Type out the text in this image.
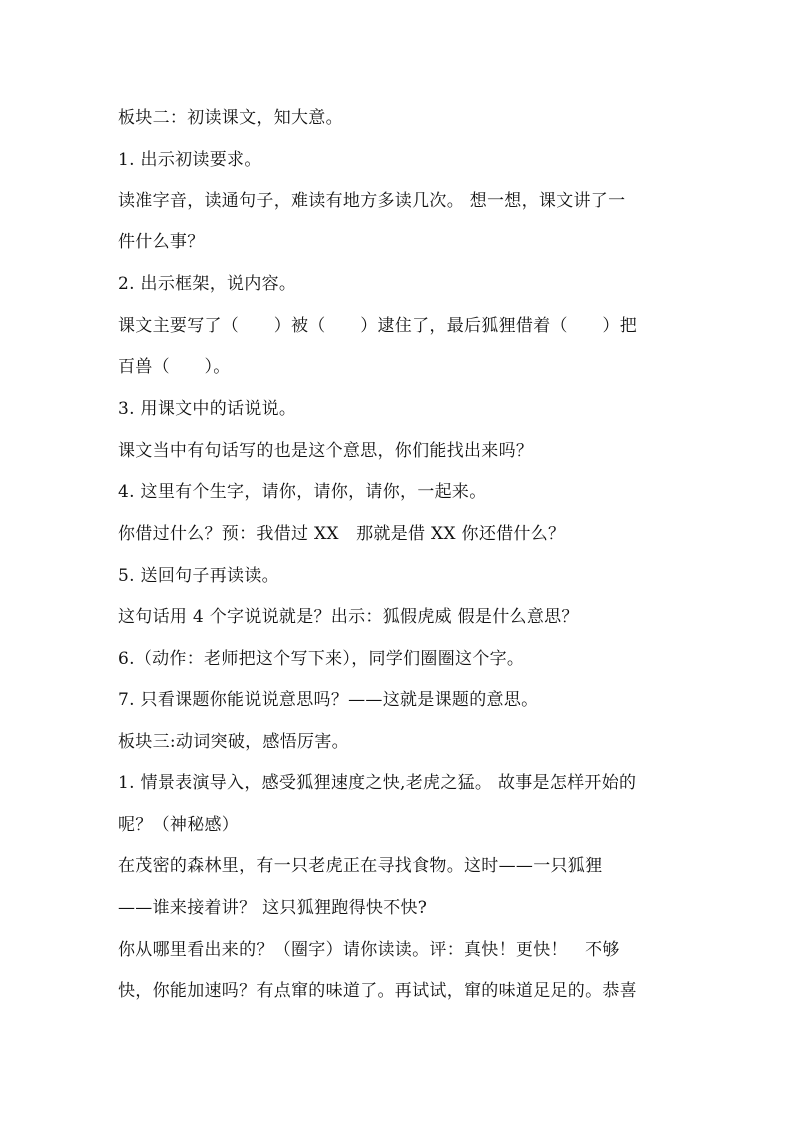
板块二：初读课文，知大意。
1. 出示初读要求。
读准字音，读通句子，难读有地方多读几次。 想一想，课文讲了一
件什么事？
2. 出示框架，说内容。
课文主要写了（　　）被（　　）逮住了，最后狐狸借着（　　）把
百兽（　　）。
3. 用课文中的话说说。
课文当中有句话写的也是这个意思，你们能找出来吗？
4. 这里有个生字，请你，请你，请你，一起来。
你借过什么？预：我借过 XX　那就是借 XX 你还借什么？
5. 送回句子再读读。
这句话用 4 个字说说就是？出示：狐假虎威 假是什么意思？
6.（动作：老师把这个写下来），同学们圈圈这个字。
7. 只看课题你能说说意思吗？——这就是课题的意思。
板块三:动词突破，感悟厉害。
1. 情景表演导入，感受狐狸速度之快,老虎之猛。 故事是怎样开始的
呢？（神秘感）
在茂密的森林里，有一只老虎正在寻找食物。这时——一只狐狸
——谁来接着讲？ 这只狐狸跑得快不快?
你从哪里看出来的？（圈字）请你读读。评：真快！更快！　不够
快，你能加速吗？有点窜的味道了。再试试，窜的味道足足的。恭喜
